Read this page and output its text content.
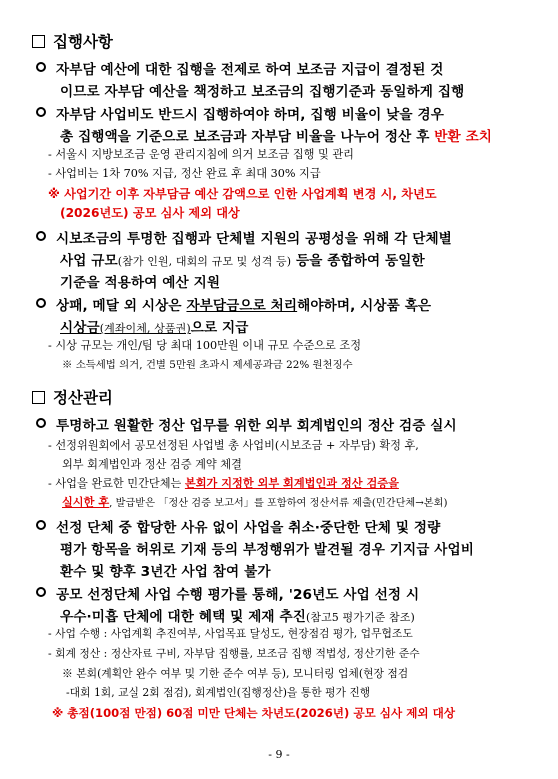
집행사항
자부담 예산에 대한 집행을 전제로 하여 보조금 지급이 결정된 것
이므로 자부담 예산을 책정하고 보조금의 집행기준과 동일하게 집행
자부담 사업비도 반드시 집행하여야 하며, 집행 비율이 낮을 경우
총 집행액을 기준으로 보조금과 자부담 비율을 나누어 정산 후 반환 조치
- 서울시 지방보조금 운영 관리지침에 의거 보조금 집행 및 관리
- 사업비는 1차 70% 지급, 정산 완료 후 최대 30% 지급
※ 사업기간 이후 자부담금 예산 감액으로 인한 사업계획 변경 시, 차년도
(2026년도) 공모 심사 제외 대상
시보조금의 투명한 집행과 단체별 지원의 공평성을 위해 각 단체별
사업 규모(참가 인원, 대회의 규모 및 성격 등) 등을 종합하여 동일한
기준을 적용하여 예산 지원
상패, 메달 외 시상은 자부담금으로 처리해야하며, 시상품 혹은
시상금(계좌이체, 상품권)으로 지급
- 시상 규모는 개인/팀 당 최대 100만원 이내 규모 수준으로 조정
※ 소득세법 의거, 건별 5만원 초과시 제세공과금 22% 원천징수
정산관리
투명하고 원활한 정산 업무를 위한 외부 회계법인의 정산 검증 실시
- 선정위원회에서 공모선정된 사업별 총 사업비(시보조금 + 자부담) 확정 후,
외부 회계법인과 정산 검증 계약 체결
- 사업을 완료한 민간단체는 본회가 지정한 외부 회계법인과 정산 검증을
실시한 후, 발급받은 「정산 검증 보고서」를 포함하여 정산서류 제출(민간단체→본회)
선정 단체 중 합당한 사유 없이 사업을 취소·중단한 단체 및 정량
평가 항목을 허위로 기재 등의 부정행위가 발견될 경우 기지급 사업비
환수 및 향후 3년간 사업 참여 불가
공모 선정단체 사업 수행 평가를 통해, '26년도 사업 선정 시
우수·미흡 단체에 대한 혜택 및 제재 추진(참고5 평가기준 참조)
- 사업 수행 : 사업계획 추진여부, 사업목표 달성도, 현장점검 평가, 업무협조도
- 회계 정산 : 정산자료 구비, 자부담 집행률, 보조금 집행 적법성, 정산기한 준수
※ 본회(계획안 완수 여부 및 기한 준수 여부 등), 모니터링 업체(현장 점검
-대회 1회, 교실 2회 점검), 회계법인(집행정산)을 통한 평가 진행
※ 총점(100점 만점) 60점 미만 단체는 차년도(2026년) 공모 심사 제외 대상
- 9 -
